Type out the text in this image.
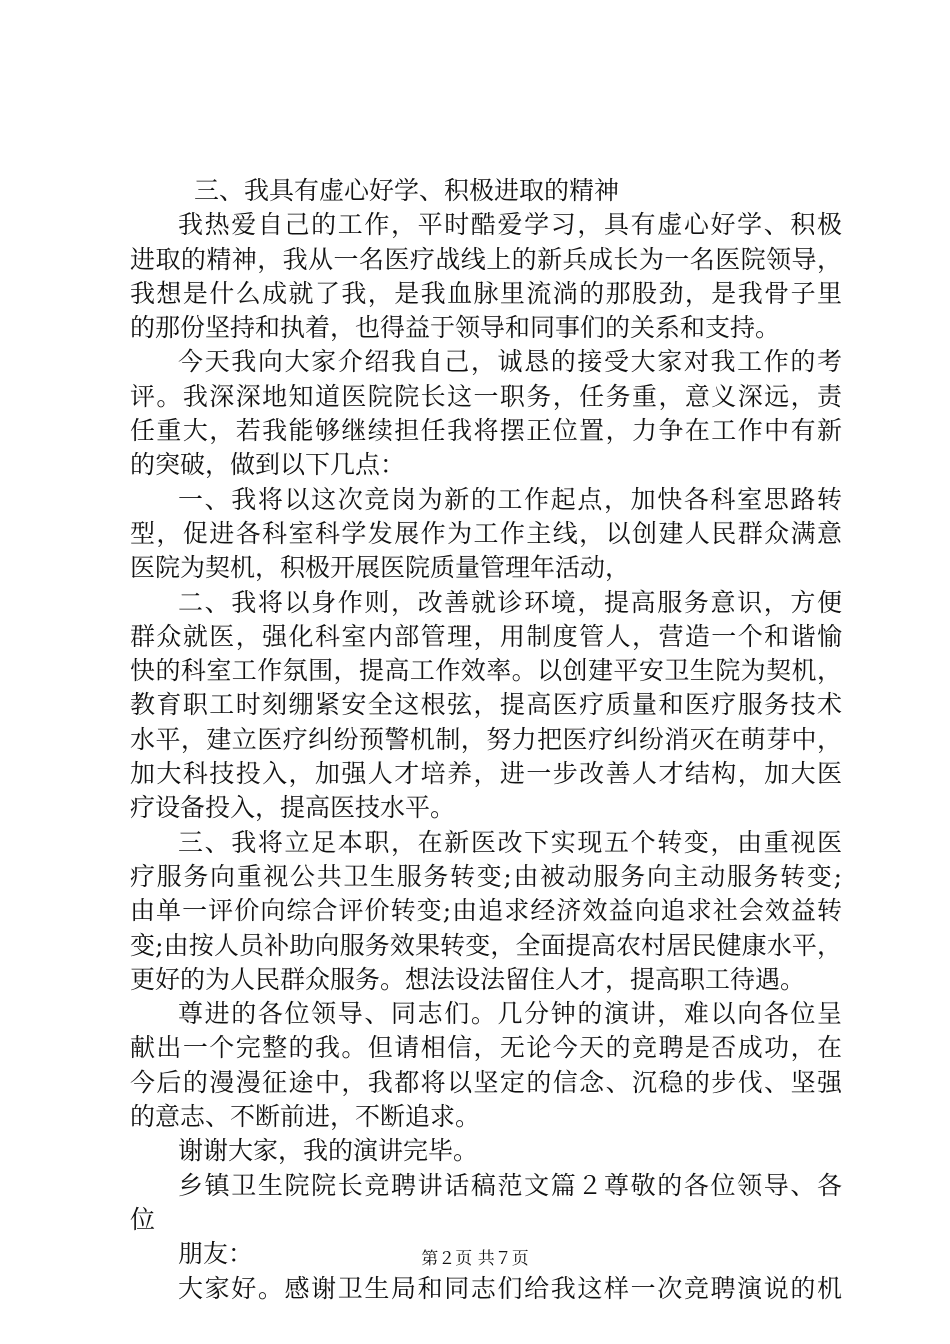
三、我具有虚心好学、积极进取的精神
我热爱自己的工作，平时酷爱学习，具有虚心好学、积极
进取的精神，我从一名医疗战线上的新兵成长为一名医院领导，
我想是什么成就了我，是我血脉里流淌的那股劲，是我骨子里
的那份坚持和执着，也得益于领导和同事们的关系和支持。
今天我向大家介绍我自己，诚恳的接受大家对我工作的考
评。我深深地知道医院院长这一职务，任务重，意义深远，责
任重大，若我能够继续担任我将摆正位置，力争在工作中有新
的突破，做到以下几点：
一、我将以这次竞岗为新的工作起点，加快各科室思路转
型，促进各科室科学发展作为工作主线，以创建人民群众满意
医院为契机，积极开展医院质量管理年活动，
二、我将以身作则，改善就诊环境，提高服务意识，方便
群众就医，强化科室内部管理，用制度管人，营造一个和谐愉
快的科室工作氛围，提高工作效率。以创建平安卫生院为契机，
教育职工时刻绷紧安全这根弦，提高医疗质量和医疗服务技术
水平，建立医疗纠纷预警机制，努力把医疗纠纷消灭在萌芽中，
加大科技投入，加强人才培养，进一步改善人才结构，加大医
疗设备投入，提高医技水平。
三、我将立足本职，在新医改下实现五个转变，由重视医
疗服务向重视公共卫生服务转变;由被动服务向主动服务转变;
由单一评价向综合评价转变;由追求经济效益向追求社会效益转
变;由按人员补助向服务效果转变，全面提高农村居民健康水平，
更好的为人民群众服务。想法设法留住人才，提高职工待遇。
尊进的各位领导、同志们。几分钟的演讲，难以向各位呈
献出一个完整的我。但请相信，无论今天的竞聘是否成功，在
今后的漫漫征途中，我都将以坚定的信念、沉稳的步伐、坚强
的意志、不断前进，不断追求。
谢谢大家，我的演讲完毕。
乡镇卫生院院长竞聘讲话稿范文篇２尊敬的各位领导、各
位
朋友：
大家好。感谢卫生局和同志们给我这样一次竞聘演说的机
第２页 共７页
